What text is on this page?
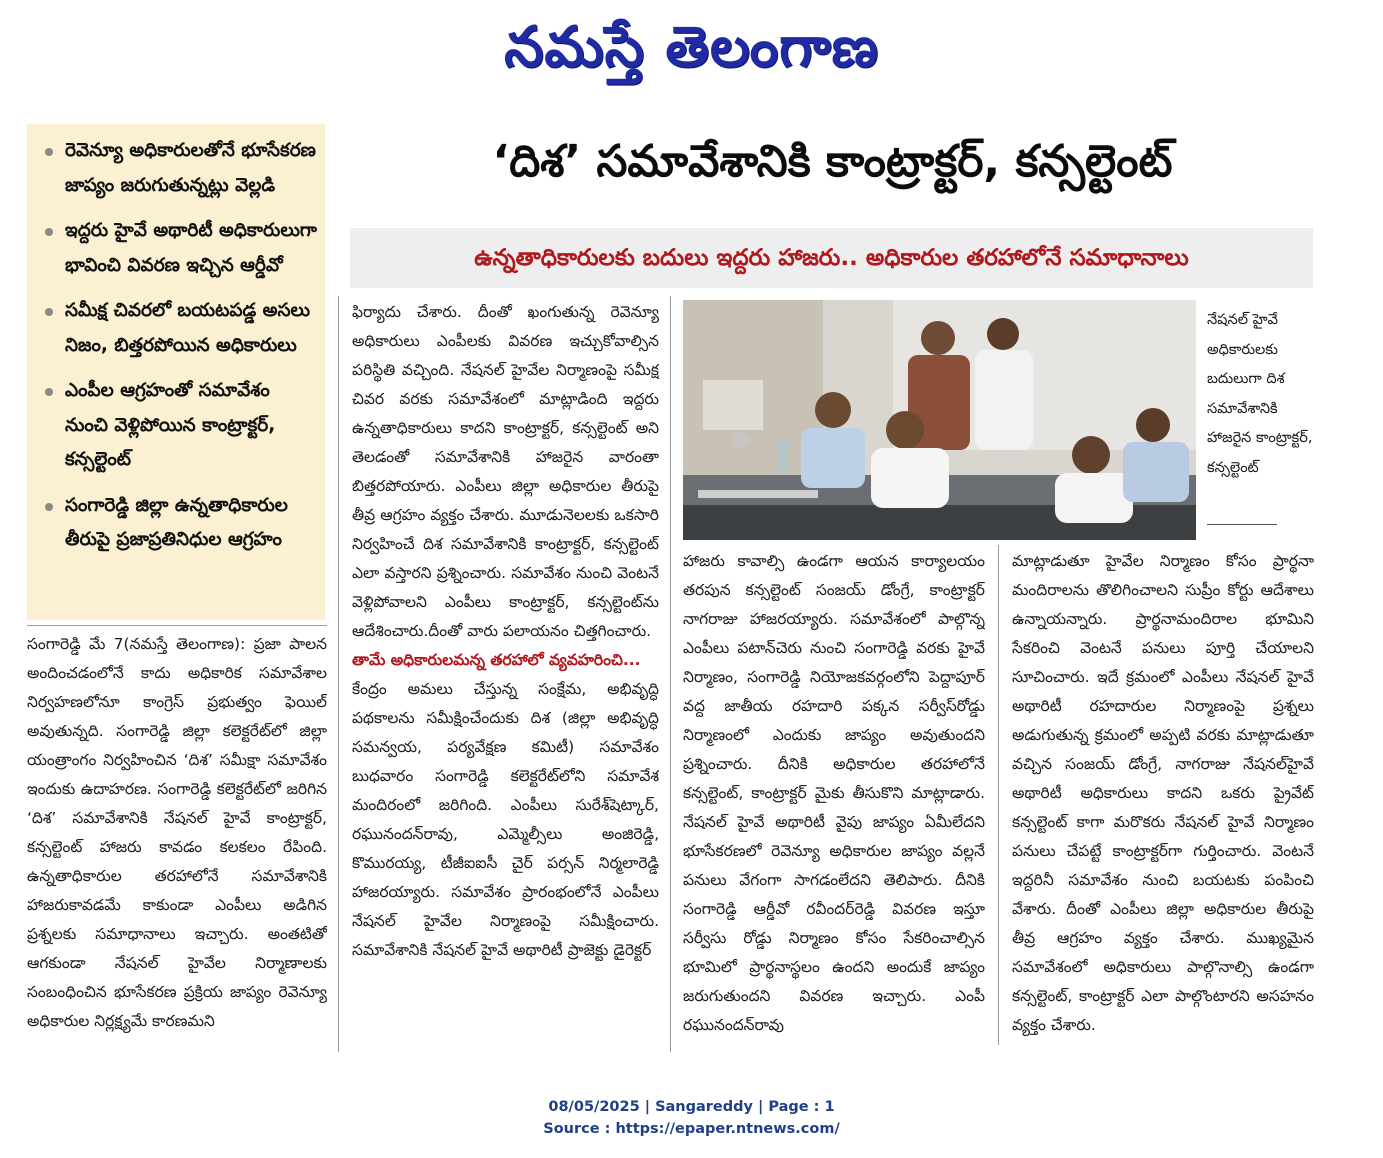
నమస్తే తెలంగాణ
రెవెన్యూ అధికారులతోనే భూసేకరణ జాప్యం జరుగుతున్నట్లు వెల్లడి
ఇద్దరు హైవే అథారిటీ అధికారులుగా భావించి వివరణ ఇచ్చిన ఆర్డీవో
సమీక్ష చివరలో బయటపడ్డ అసలు నిజం, బిత్తరపోయిన అధికారులు
ఎంపీల ఆగ్రహంతో సమావేశం నుంచి వెళ్లిపోయిన కాంట్రాక్టర్, కన్సల్టెంట్
సంగారెడ్డి జిల్లా ఉన్నతాధికారుల తీరుపై ప్రజాప్రతినిధుల ఆగ్రహం
‘దిశ’ సమావేశానికి కాంట్రాక్టర్, కన్సల్టెంట్
ఉన్నతాధికారులకు బదులు ఇద్దరు హాజరు.. అధికారుల తరహాలోనే సమాధానాలు

సంగారెడ్డి మే 7(నమస్తే తెలంగాణ): ప్రజా పాలన అందించడంలోనే కాదు అధికారిక సమావేశాల నిర్వహణలోనూ కాంగ్రెస్ ప్రభుత్వం ఫెయిల్ అవుతున్నది. సంగారెడ్డి జిల్లా కలెక్టరేట్‌లో జిల్లా యంత్రాంగం నిర్వహించిన ‘దిశ’ సమీక్షా సమావేశం ఇందుకు ఉదాహరణ. సంగారెడ్డి కలెక్టరేట్‌లో జరిగిన ‘దిశ’ సమావేశానికి నేషనల్ హైవే కాంట్రాక్టర్, కన్సల్టెంట్ హాజరు కావడం కలకలం రేపింది. ఉన్నతాధికారుల తరహాలోనే సమావేశానికి హాజరుకావడమే కాకుండా ఎంపీలు అడిగిన ప్రశ్నలకు సమాధానాలు ఇచ్చారు. అంతటితో ఆగకుండా నేషనల్ హైవేల నిర్మాణాలకు సంబంధించిన భూసేకరణ ప్రక్రియ జాప్యం రెవెన్యూ అధికారుల నిర్లక్ష్యమే కారణమని

ఫిర్యాదు చేశారు. దీంతో ఖంగుతున్న రెవెన్యూ అధికారులు ఎంపీలకు వివరణ ఇచ్చుకోవాల్సిన పరిస్థితి వచ్చింది. నేషనల్ హైవేల నిర్మాణంపై సమీక్ష చివర వరకు సమావేశంలో మాట్లాడింది ఇద్దరు ఉన్నతాధికారులు కాదని కాంట్రాక్టర్, కన్సల్టెంట్ అని తెలడంతో సమావేశానికి హాజరైన వారంతా బిత్తరపోయారు. ఎంపీలు జిల్లా అధికారుల తీరుపై తీవ్ర ఆగ్రహం వ్యక్తం చేశారు. మూడునెలలకు ఒకసారి నిర్వహించే దిశ సమావేశానికి కాంట్రాక్టర్, కన్సల్టెంట్ ఎలా వస్తారని ప్రశ్నించారు. సమావేశం నుంచి వెంటనే వెళ్లిపోవాలని ఎంపీలు కాంట్రాక్టర్, కన్సల్టెంట్‌ను ఆదేశించారు.దీంతో వారు పలాయనం చిత్తగించారు.

తామే అధికారులమన్న తరహాలో వ్యవహరించి...

కేంద్రం అమలు చేస్తున్న సంక్షేమ, అభివృద్ధి పథకాలను సమీక్షించేందుకు దిశ (జిల్లా అభివృద్ధి సమన్వయ, పర్యవేక్షణ కమిటీ) సమావేశం బుధవారం సంగారెడ్డి కలెక్టరేట్‌లోని సమావేశ మందిరంలో జరిగింది. ఎంపీలు సురేశ్‌షెట్కార్, రఘునందన్‌రావు, ఎమ్మెల్సీలు అంజిరెడ్డి, కొమురయ్య, టీజీఐఐసీ చైర్ పర్సన్ నిర్మలారెడ్డి హాజరయ్యారు. సమావేశం ప్రారంభంలోనే ఎంపీలు నేషనల్ హైవేల నిర్మాణంపై సమీక్షించారు. సమావేశానికి నేషనల్ హైవే అథారిటీ ప్రాజెక్టు డైరెక్టర్

నేషనల్ హైవే అధికారులకు బదులుగా దిశ సమావేశానికి హాజరైన కాంట్రాక్టర్, కన్సల్టెంట్

హాజరు కావాల్సి ఉండగా ఆయన కార్యాలయం తరపున కన్సల్టెంట్ సంజయ్ డోంగ్రే, కాంట్రాక్టర్ నాగరాజు హాజరయ్యారు. సమావేశంలో పాల్గొన్న ఎంపీలు పటాన్‌చెరు నుంచి సంగారెడ్డి వరకు హైవే నిర్మాణం, సంగారెడ్డి నియోజకవర్గంలోని పెద్దాపూర్ వద్ద జాతీయ రహదారి పక్కన సర్వీస్‌రోడ్డు నిర్మాణంలో ఎందుకు జాప్యం అవుతుందని ప్రశ్నించారు. దీనికి అధికారుల తరహాలోనే కన్సల్టెంట్, కాంట్రాక్టర్ మైకు తీసుకొని మాట్లాడారు. నేషనల్ హైవే అథారిటీ వైపు జాప్యం ఏమీలేదని భూసేకరణలో రెవెన్యూ అధికారుల జాప్యం వల్లనే పనులు వేగంగా సాగడంలేదని తెలిపారు. దీనికి సంగారెడ్డి ఆర్డీవో రవీందర్‌రెడ్డి వివరణ ఇస్తూ సర్వీసు రోడ్డు నిర్మాణం కోసం సేకరించాల్సిన భూమిలో ప్రార్థనాస్థలం ఉందని అందుకే జాప్యం జరుగుతుందని వివరణ ఇచ్చారు. ఎంపీ రఘునందన్‌రావు

మాట్లాడుతూ హైవేల నిర్మాణం కోసం ప్రార్థనా మందిరాలను తొలిగించాలని సుప్రీం కోర్టు ఆదేశాలు ఉన్నాయన్నారు. ప్రార్థనామందిరాల భూమిని సేకరించి వెంటనే పనులు పూర్తి చేయాలని సూచించారు. ఇదే క్రమంలో ఎంపీలు నేషనల్ హైవే అథారిటీ రహదారుల నిర్మాణంపై ప్రశ్నలు అడుగుతున్న క్రమంలో అప్పటి వరకు మాట్లాడుతూ వచ్చిన సంజయ్ డోంగ్రే, నాగరాజు నేషనల్‌హైవే అథారిటీ అధికారులు కాదని ఒకరు ప్రైవేట్ కన్సల్టెంట్ కాగా మరొకరు నేషనల్ హైవే నిర్మాణం పనులు చేపట్టే కాంట్రాక్టర్‌గా గుర్తించారు. వెంటనే ఇద్దరినీ సమావేశం నుంచి బయటకు పంపించి వేశారు. దీంతో ఎంపీలు జిల్లా అధికారుల తీరుపై తీవ్ర ఆగ్రహం వ్యక్తం చేశారు. ముఖ్యమైన సమావేశంలో అధికారులు పాల్గొనాల్సి ఉండగా కన్సల్టెంట్, కాంట్రాక్టర్ ఎలా పాల్గొంటారని అసహనం వ్యక్తం చేశారు.

08/05/2025 | Sangareddy | Page : 1
Source : https://epaper.ntnews.com/
